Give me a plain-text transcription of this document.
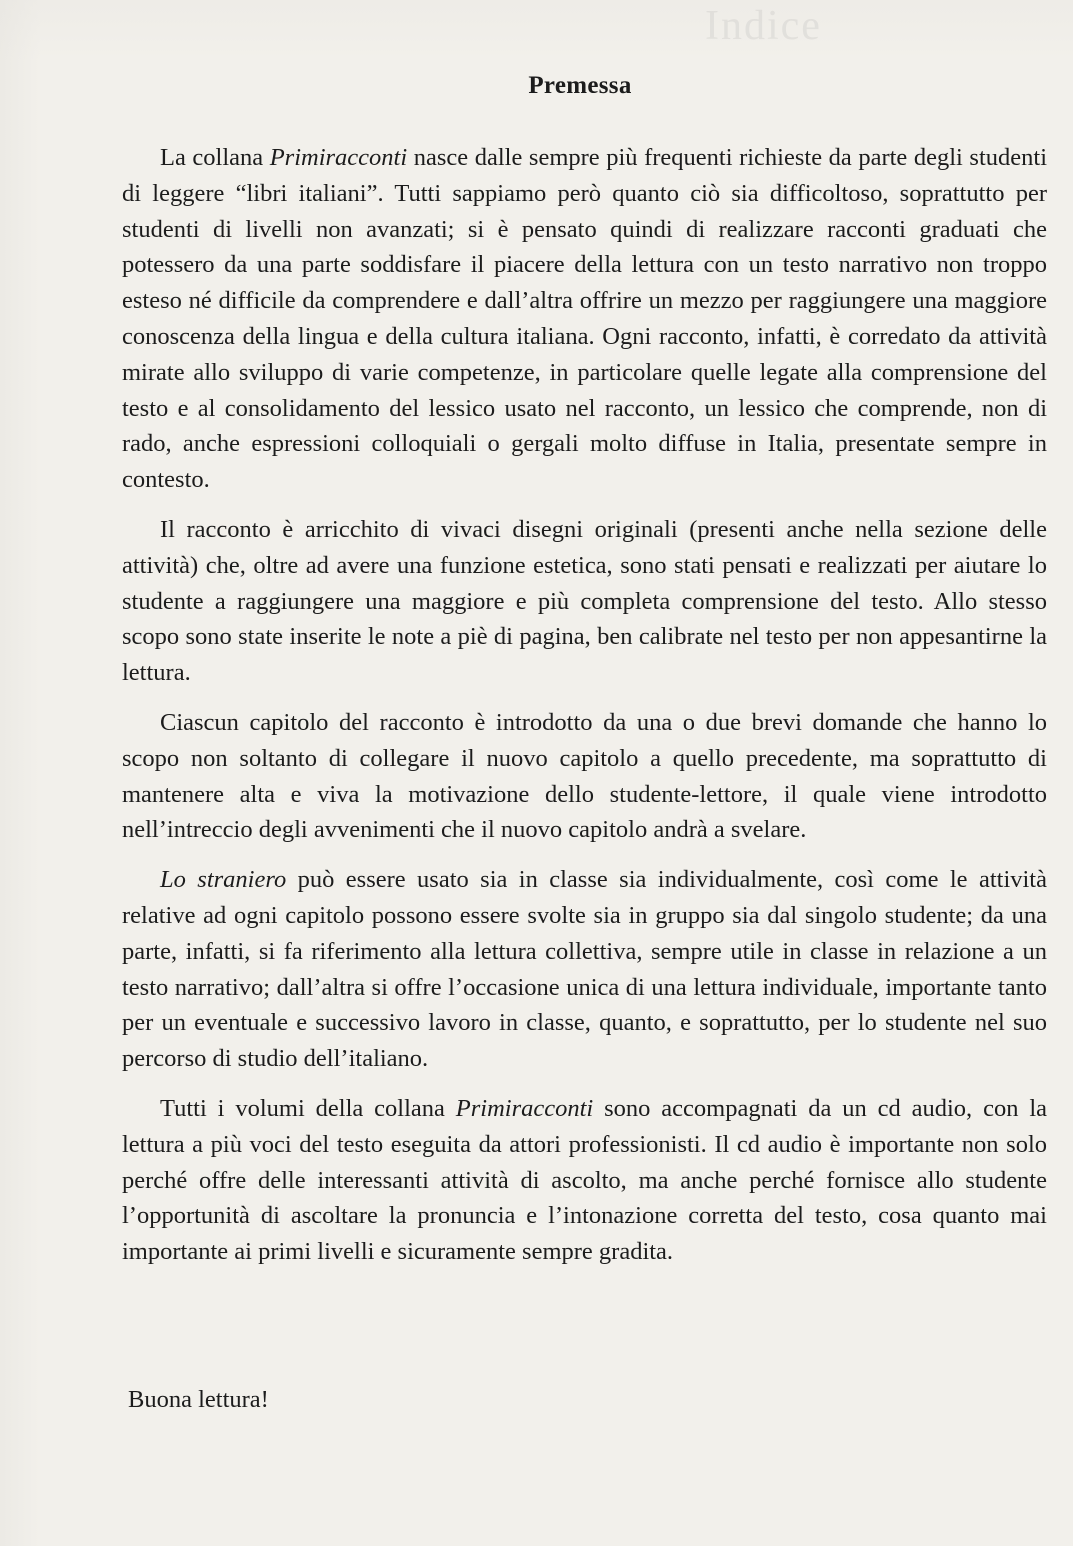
Indice
Premessa

La collana Primiracconti nasce dalle sempre più frequenti richieste da parte degli studenti di leggere “libri italiani”. Tutti sappiamo però quanto ciò sia difficoltoso, soprattutto per studenti di livelli non avanzati; si è pensato quindi di realizzare racconti graduati che potessero da una parte soddisfare il piacere della lettura con un testo narrativo non troppo esteso né difficile da comprendere e dall’altra offrire un mezzo per raggiungere una maggiore conoscenza della lingua e della cultura italiana. Ogni racconto, infatti, è corredato da attività mirate allo sviluppo di varie competenze, in particolare quelle legate alla comprensione del testo e al consolidamento del lessico usato nel racconto, un lessico che comprende, non di rado, anche espressioni colloquiali o gergali molto diffuse in Italia, presentate sempre in contesto.

Il racconto è arricchito di vivaci disegni originali (presenti anche nella sezione delle attività) che, oltre ad avere una funzione estetica, sono stati pensati e realizzati per aiutare lo studente a raggiungere una maggiore e più completa comprensione del testo. Allo stesso scopo sono state inserite le note a piè di pagina, ben calibrate nel testo per non appesantirne la lettura.

Ciascun capitolo del racconto è introdotto da una o due brevi domande che hanno lo scopo non soltanto di collegare il nuovo capitolo a quello precedente, ma soprattutto di mantenere alta e viva la motivazione dello studente-lettore, il quale viene introdotto nell’intreccio degli avvenimenti che il nuovo capitolo andrà a svelare.

Lo straniero può essere usato sia in classe sia individualmente, così come le attività relative ad ogni capitolo possono essere svolte sia in gruppo sia dal singolo studente; da una parte, infatti, si fa riferimento alla lettura collettiva, sempre utile in classe in relazione a un testo narrativo; dall’altra si offre l’occasione unica di una lettura individuale, importante tanto per un eventuale e successivo lavoro in classe, quanto, e soprattutto, per lo studente nel suo percorso di studio dell’italiano.

Tutti i volumi della collana Primiracconti sono accompagnati da un cd audio, con la lettura a più voci del testo eseguita da attori professionisti. Il cd audio è importante non solo perché offre delle interessanti attività di ascolto, ma anche perché fornisce allo studente l’opportunità di ascoltare la pronuncia e l’intonazione corretta del testo, cosa quanto mai importante ai primi livelli e sicuramente sempre gradita.

Buona lettura!
